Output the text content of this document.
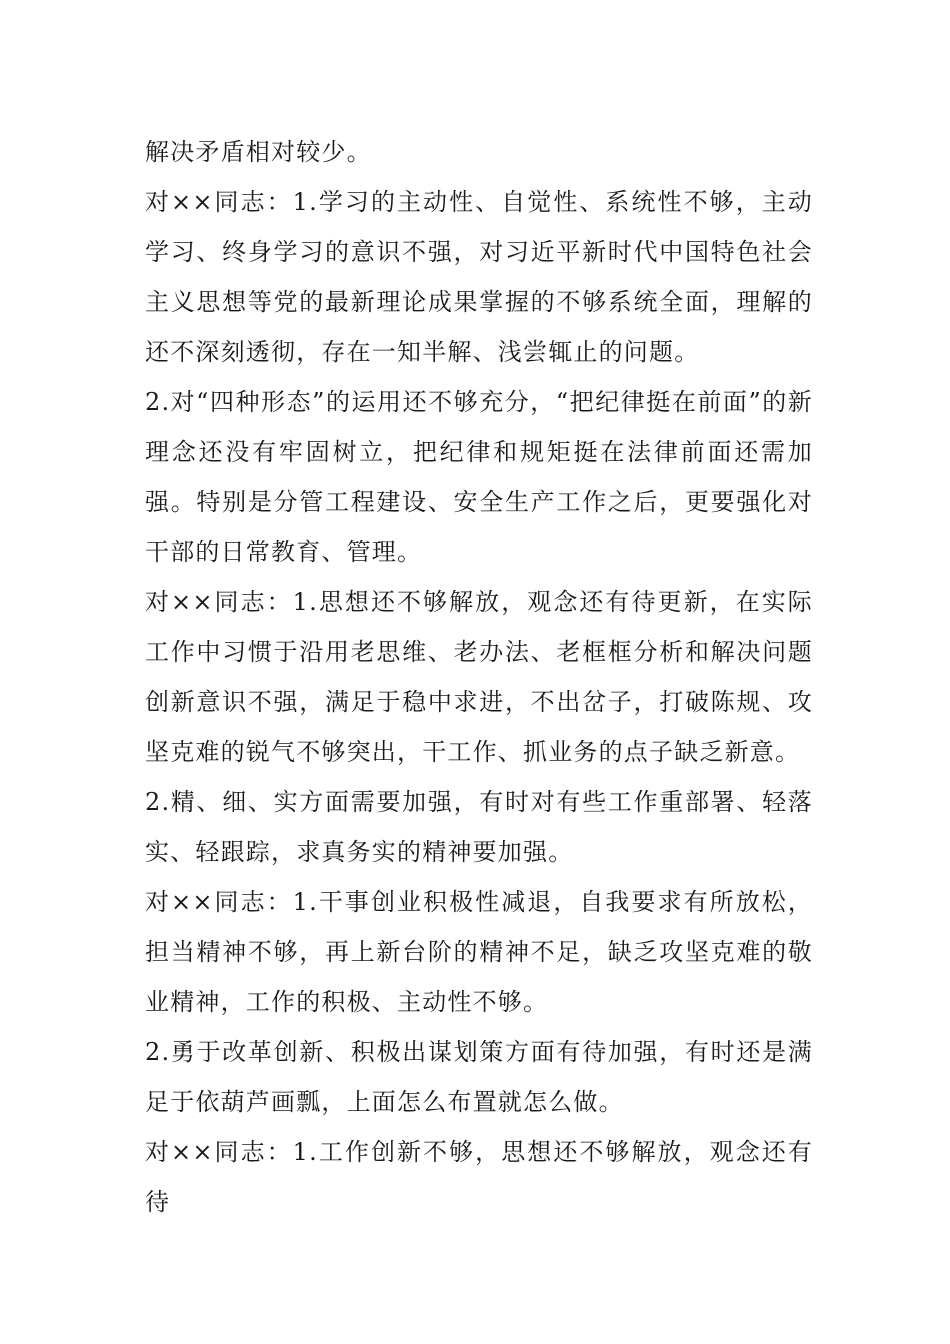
解决矛盾相对较少。

对××同志：1.学习的主动性、自觉性、系统性不够，主动学习、终身学习的意识不强，对习近平新时代中国特色社会主义思想等党的最新理论成果掌握的不够系统全面，理解的还不深刻透彻，存在一知半解、浅尝辄止的问题。

2.对“四种形态”的运用还不够充分，“把纪律挺在前面”的新理念还没有牢固树立，把纪律和规矩挺在法律前面还需加强。特别是分管工程建设、安全生产工作之后，更要强化对干部的日常教育、管理。

对××同志：1.思想还不够解放，观念还有待更新，在实际工作中习惯于沿用老思维、老办法、老框框分析和解决问题创新意识不强，满足于稳中求进，不出岔子，打破陈规、攻坚克难的锐气不够突出，干工作、抓业务的点子缺乏新意。

2.精、细、实方面需要加强，有时对有些工作重部署、轻落实、轻跟踪，求真务实的精神要加强。

对××同志：1.干事创业积极性减退，自我要求有所放松，担当精神不够，再上新台阶的精神不足，缺乏攻坚克难的敬业精神，工作的积极、主动性不够。

2.勇于改革创新、积极出谋划策方面有待加强，有时还是满足于依葫芦画瓢，上面怎么布置就怎么做。

对××同志：1.工作创新不够，思想还不够解放，观念还有待
